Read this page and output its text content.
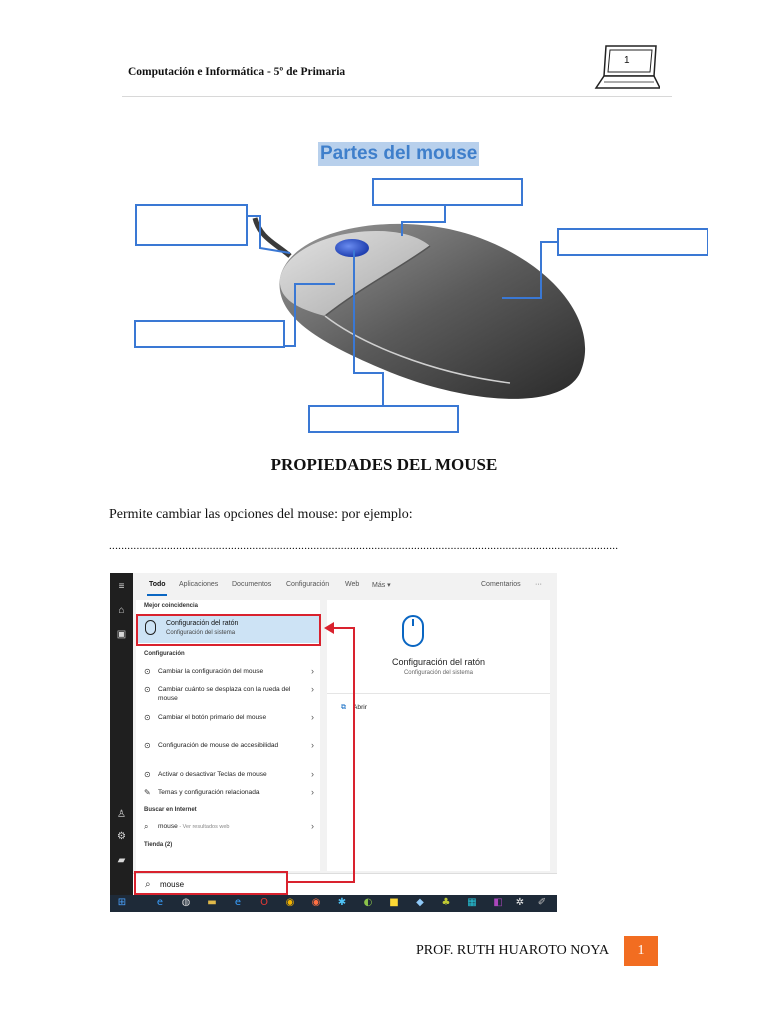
Computación e Informática - 5º de Primaria
1
Partes del mouse
PROPIEDADES DEL MOUSE
Permite cambiar las opciones del mouse: por ejemplo:
.......................................................................................................................................................................
≡
⌂
▣
♙
⚙
▰
Todo Aplicaciones Documentos Configuración Web Más ▾	Comentarios ···
Mejor coincidencia
Configuración del ratón
Configuración del sistema
Configuración
⊙ Cambiar la configuración del mouse	›
⊙ Cambiar cuánto se desplaza con la rueda del mouse
›
⊙ Cambiar el botón primario del mouse	›
⊙ Configuración de mouse de accesibilidad	›
⊙ Activar o desactivar Teclas de mouse	›
✎ Temas y configuración relacionada	›
Buscar en Internet
⌕ mouse - Ver resultados web	›
Tienda (2)
Configuración del ratón
Configuración del sistema
⧉ Abrir
⌕ mouse
⊞	e ◍ ▬ e O ◉ ◉ ✱ ◐ ■ ◆ ♣ ▦ ◧ ✲ ✐
PROF. RUTH HUAROTO NOYA	1
